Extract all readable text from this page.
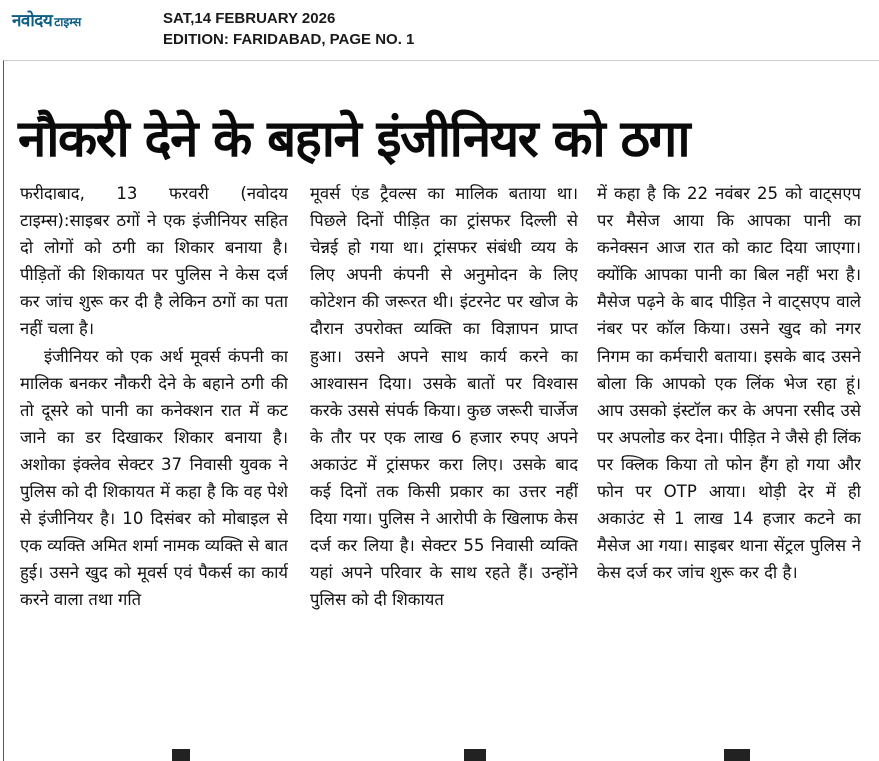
नवोदय टाइम्स	SAT,14 FEBRUARY 2026
EDITION: FARIDABAD, PAGE NO. 1
नौकरी देने के बहाने इंजीनियर को ठगा

फरीदाबाद, 13 फरवरी (नवोदय टाइम्स):साइबर ठगों ने एक इंजीनियर सहित दो लोगों को ठगी का शिकार बनाया है। पीड़ितों की शिकायत पर पुलिस ने केस दर्ज कर जांच शुरू कर दी है लेकिन ठगों का पता नहीं चला है।

इंजीनियर को एक अर्थ मूवर्स कंपनी का मालिक बनकर नौकरी देने के बहाने ठगी की तो दूसरे को पानी का कनेक्शन रात में कट जाने का डर दिखाकर शिकार बनाया है।अशोका इंक्लेव सेक्टर 37 निवासी युवक ने पुलिस को दी शिकायत में कहा है कि वह पेशे से इंजीनियर है। 10 दिसंबर को मोबाइल से एक व्यक्ति अमित शर्मा नामक व्यक्ति से बात हुई। उसने खुद को मूवर्स एवं पैकर्स का कार्य करने वाला तथा गति

मूवर्स एंड ट्रैवल्स का मालिक बताया था। पिछले दिनों पीड़ित का ट्रांसफर दिल्ली से चेन्नई हो गया था। ट्रांसफर संबंधी व्यय के लिए अपनी कंपनी से अनुमोदन के लिए कोटेशन की जरूरत थी। इंटरनेट पर खोज के दौरान उपरोक्त व्यक्ति का विज्ञापन प्राप्त हुआ। उसने अपने साथ कार्य करने का आश्वासन दिया। उसके बातों पर विश्वास करके उससे संपर्क किया। कुछ जरूरी चार्जेज के तौर पर एक लाख 6 हजार रुपए अपने अकाउंट में ट्रांसफर करा लिए। उसके बाद कई दिनों तक किसी प्रकार का उत्तर नहीं दिया गया। पुलिस ने आरोपी के खिलाफ केस दर्ज कर लिया है। सेक्टर 55 निवासी व्यक्ति यहां अपने परिवार के साथ रहते हैं। उन्होंने पुलिस को दी शिकायत

में कहा है कि 22 नवंबर 25 को वाट्सएप पर मैसेज आया कि आपका पानी का कनेक्सन आज रात को काट दिया जाएगा। क्योंकि आपका पानी का बिल नहीं भरा है। मैसेज पढ़ने के बाद पीड़ित ने वाट्सएप वाले नंबर पर कॉल किया। उसने खुद को नगर निगम का कर्मचारी बताया। इसके बाद उसने बोला कि आपको एक लिंक भेज रहा हूं। आप उसको इंस्टॉल कर के अपना रसीद उसे पर अपलोड कर देना। पीड़ित ने जैसे ही लिंक पर क्लिक किया तो फोन हैंग हो गया और फोन पर OTP आया। थोड़ी देर में ही अकाउंट से 1 लाख 14 हजार कटने का मैसेज आ गया। साइबर थाना सेंट्रल पुलिस ने केस दर्ज कर जांच शुरू कर दी है।
